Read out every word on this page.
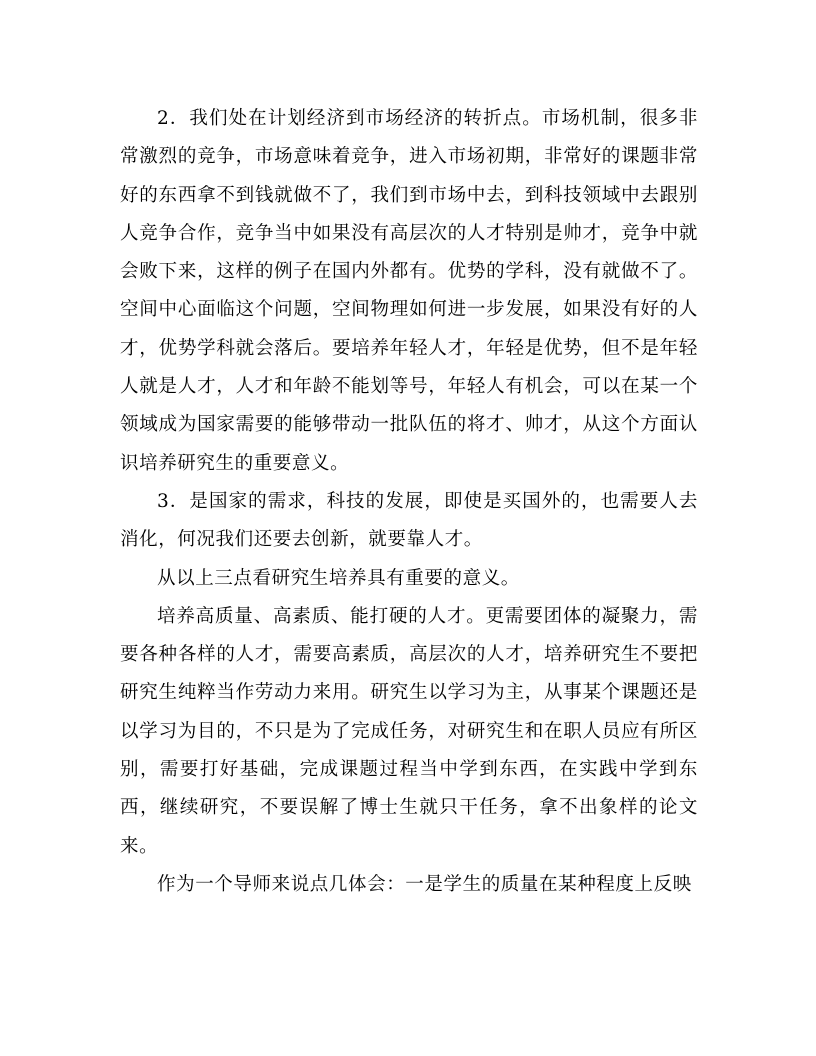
2．我们处在计划经济到市场经济的转折点。市场机制，很多非常激烈的竞争，市场意味着竞争，进入市场初期，非常好的课题非常好的东西拿不到钱就做不了，我们到市场中去，到科技领域中去跟别人竞争合作，竞争当中如果没有高层次的人才特别是帅才，竞争中就会败下来，这样的例子在国内外都有。优势的学科，没有就做不了。空间中心面临这个问题，空间物理如何进一步发展，如果没有好的人才，优势学科就会落后。要培养年轻人才，年轻是优势，但不是年轻人就是人才，人才和年龄不能划等号，年轻人有机会，可以在某一个领域成为国家需要的能够带动一批队伍的将才、帅才，从这个方面认识培养研究生的重要意义。

3．是国家的需求，科技的发展，即使是买国外的，也需要人去消化，何况我们还要去创新，就要靠人才。

从以上三点看研究生培养具有重要的意义。

培养高质量、高素质、能打硬的人才。更需要团体的凝聚力，需要各种各样的人才，需要高素质，高层次的人才，培养研究生不要把研究生纯粹当作劳动力来用。研究生以学习为主，从事某个课题还是以学习为目的，不只是为了完成任务，对研究生和在职人员应有所区别，需要打好基础，完成课题过程当中学到东西，在实践中学到东西，继续研究，不要误解了博士生就只干任务，拿不出象样的论文来。

作为一个导师来说点几体会：一是学生的质量在某种程度上反映
